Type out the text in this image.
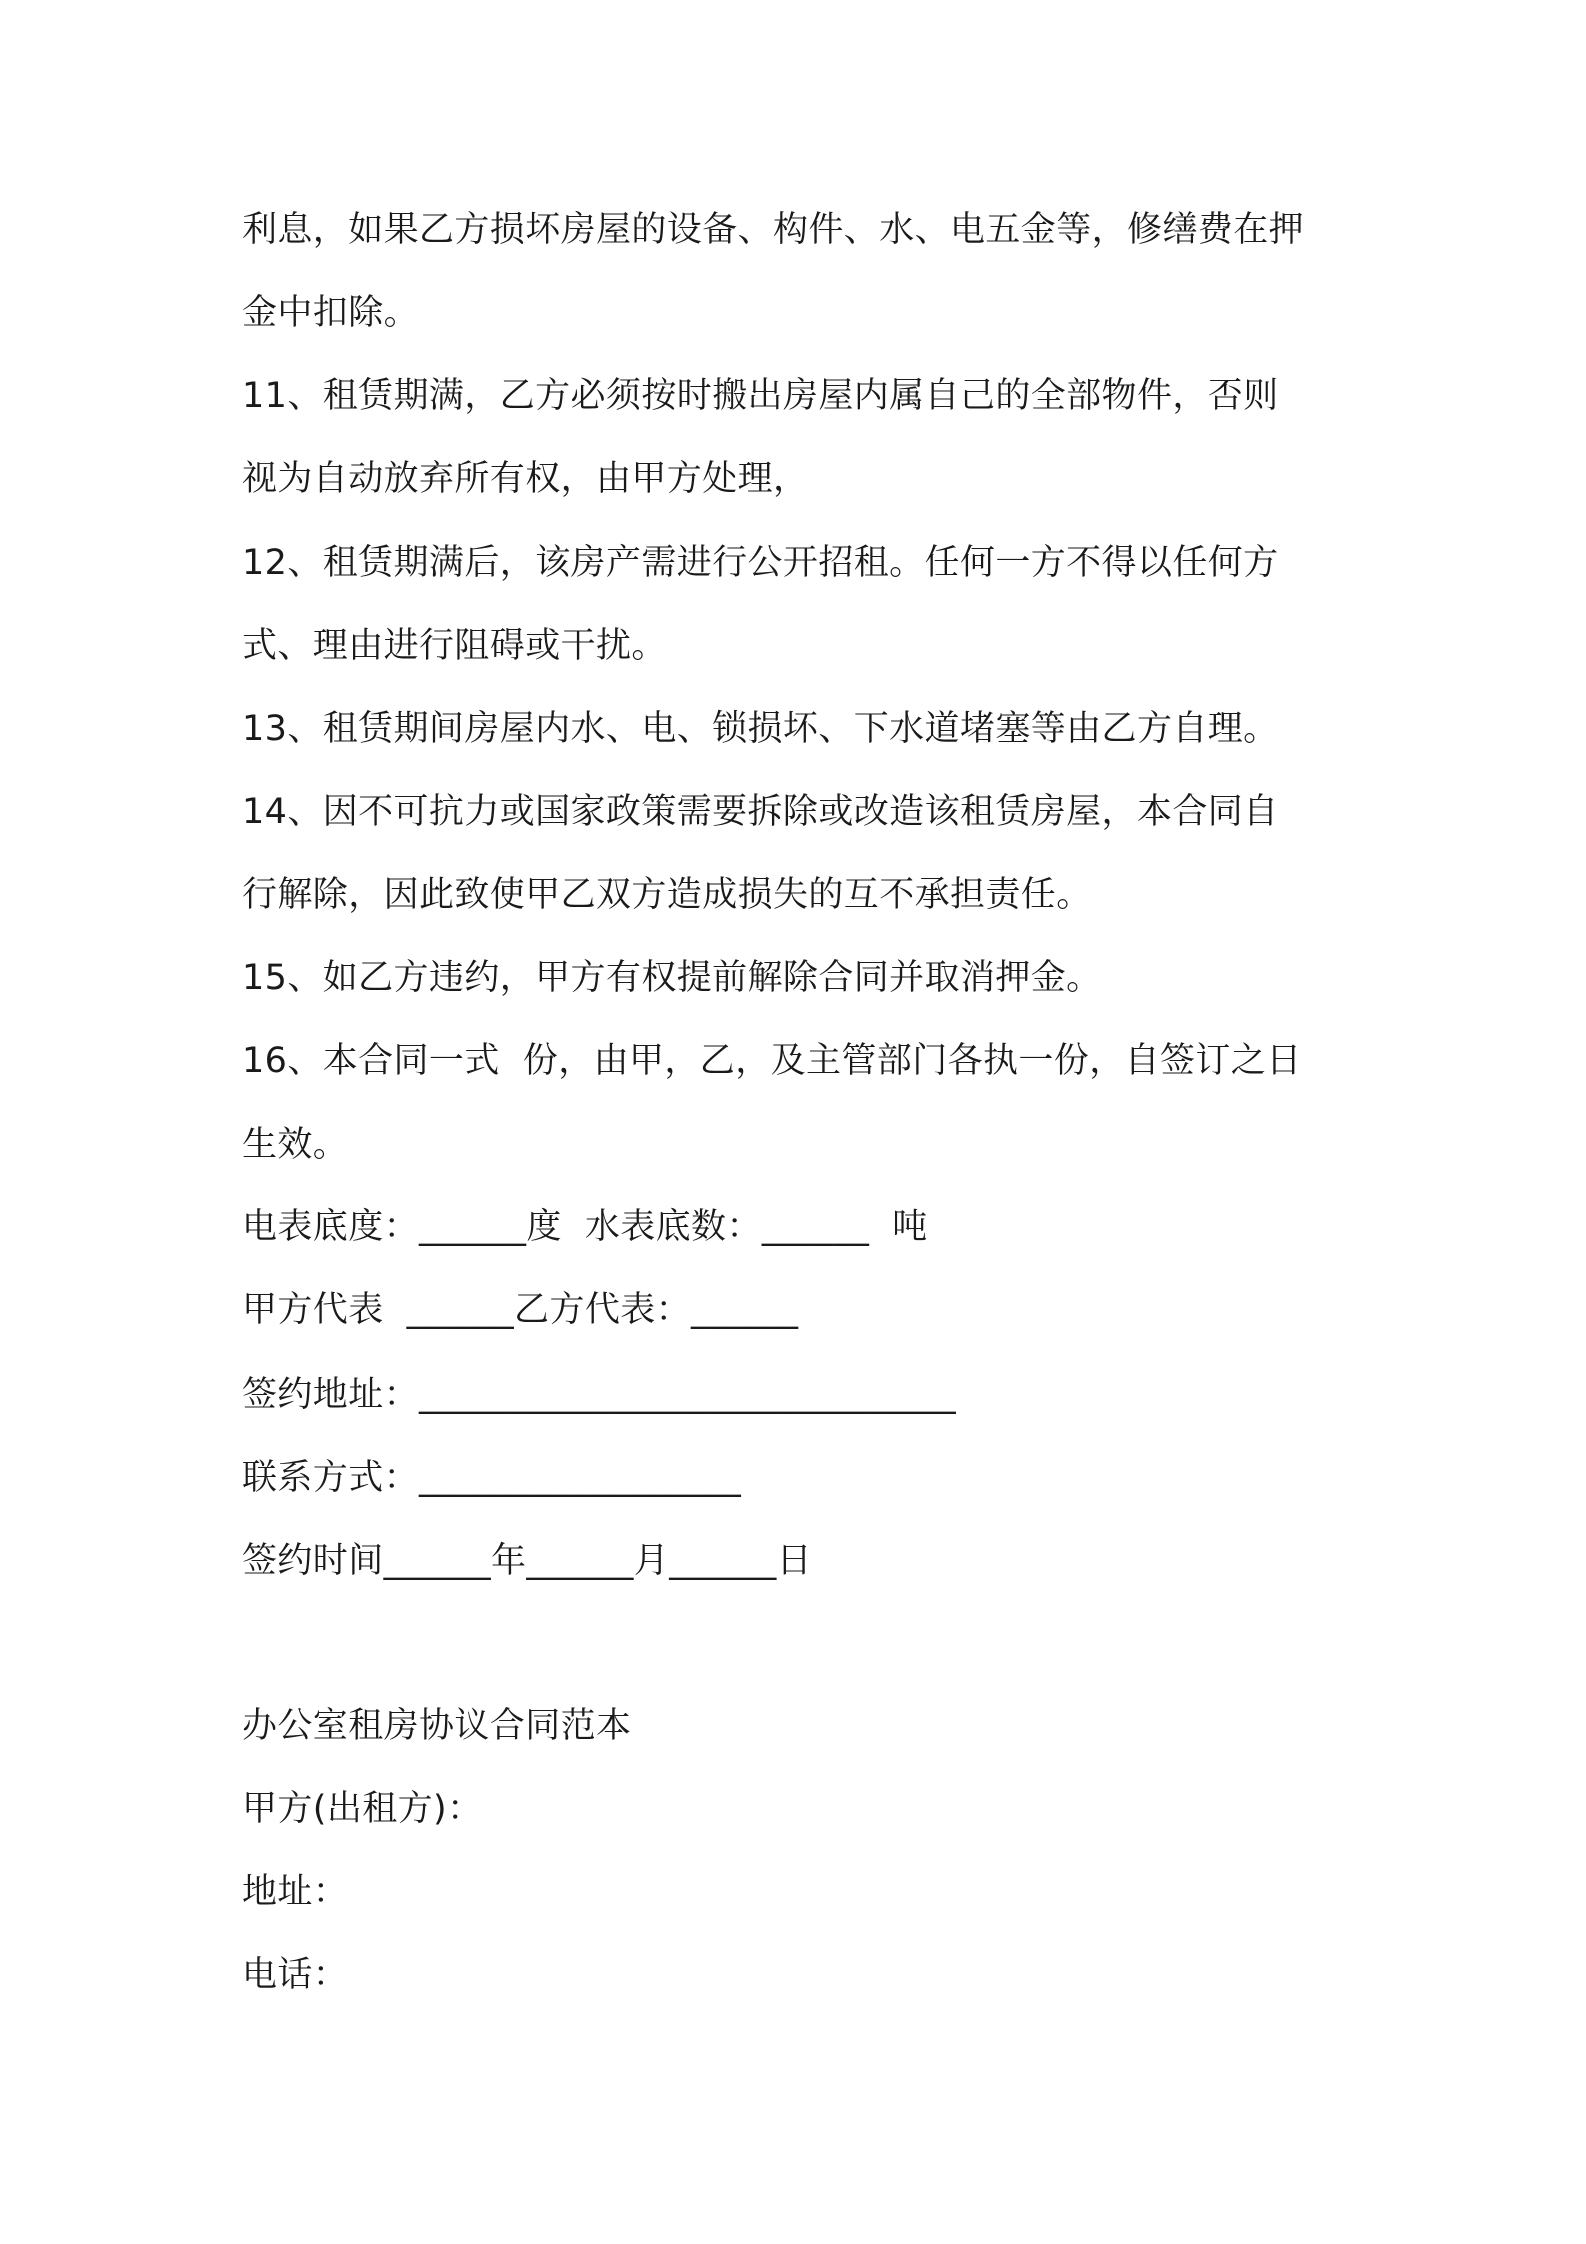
利息，如果乙方损坏房屋的设备、构件、水、电五金等，修缮费在押
金中扣除。
11、租赁期满，乙方必须按时搬出房屋内属自己的全部物件，否则
视为自动放弃所有权，由甲方处理，
12、租赁期满后，该房产需进行公开招租。任何一方不得以任何方
式、理由进行阻碍或干扰。
13、租赁期间房屋内水、电、锁损坏、下水道堵塞等由乙方自理。
14、因不可抗力或国家政策需要拆除或改造该租赁房屋，本合同自
行解除，因此致使甲乙双方造成损失的互不承担责任。
15、如乙方违约，甲方有权提前解除合同并取消押金。
16、本合同一式  份，由甲，乙，及主管部门各执一份，自签订之日
生效。
电表底度：______度  水表底数：______  吨
甲方代表  ______乙方代表：______
签约地址：______________________________
联系方式：__________________
签约时间______年______月______日
办公室租房协议合同范本
甲方(出租方)：
地址：
电话：
